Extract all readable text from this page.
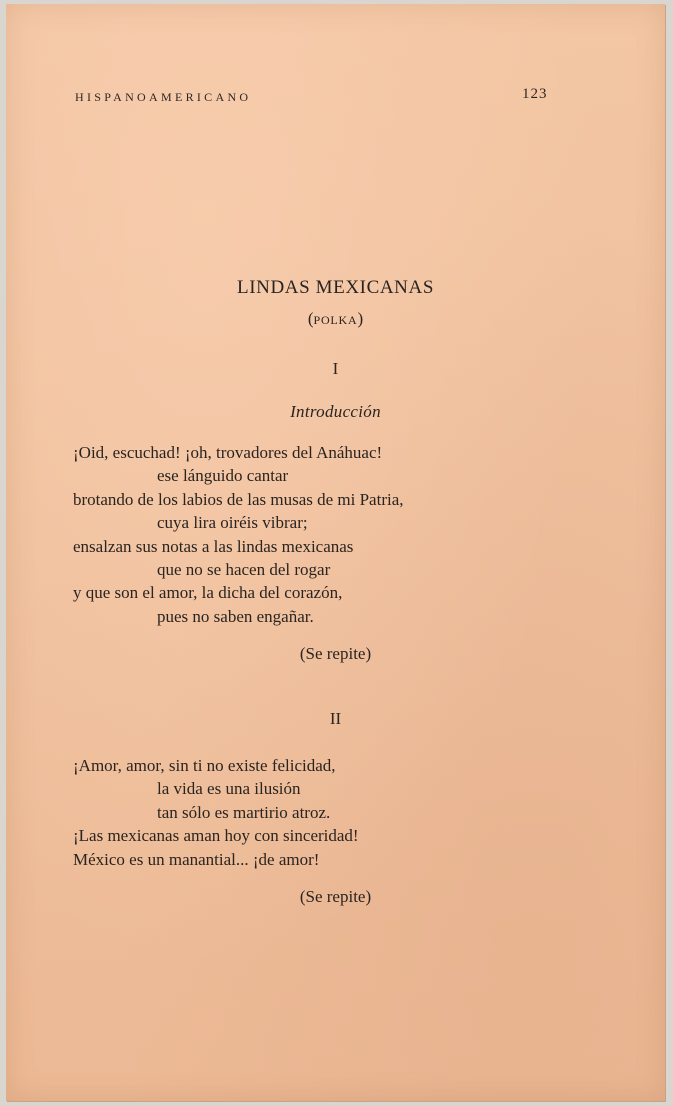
HISPANOAMERICANO	123
LINDAS MEXICANAS
(POLKA)
I
Introducción
¡Oid, escuchad! ¡oh, trovadores del Anáhuac!
ese lánguido cantar
brotando de los labios de las musas de mi Patria,
cuya lira oiréis vibrar;
ensalzan sus notas a las lindas mexicanas
que no se hacen del rogar
y que son el amor, la dicha del corazón,
pues no saben engañar.
(Se repite)
II
¡Amor, amor, sin ti no existe felicidad,
la vida es una ilusión
tan sólo es martirio atroz.
¡Las mexicanas aman hoy con sinceridad!
México es un manantial... ¡de amor!
(Se repite)
